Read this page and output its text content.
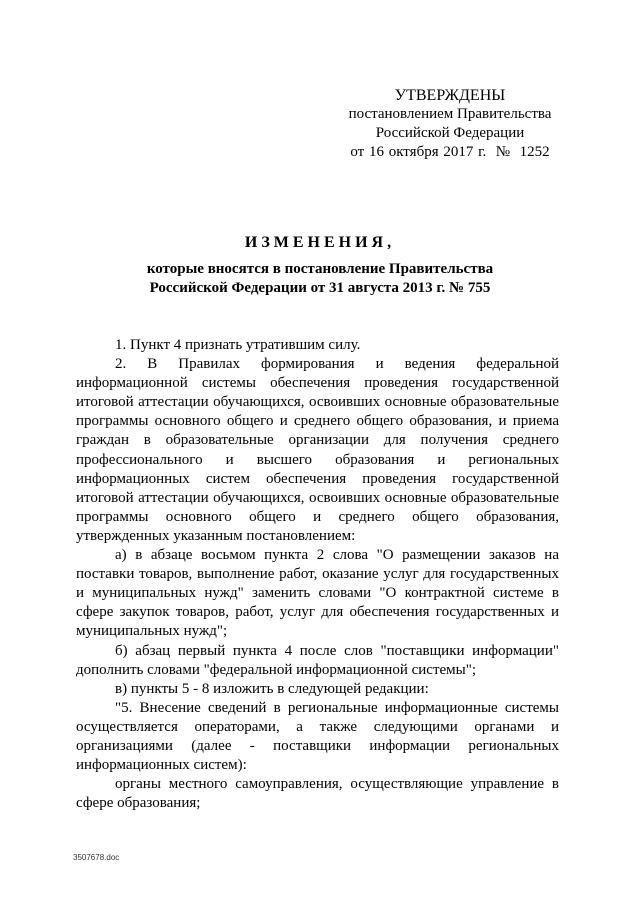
УТВЕРЖДЕНЫ
постановлением Правительства
Российской Федерации
от 16 октября 2017 г.  №  1252
ИЗМЕНЕНИЯ,
которые вносятся в постановление Правительства
Российской Федерации от 31 августа 2013 г. № 755

1. Пункт 4 признать утратившим силу.

2. В Правилах формирования и ведения федеральной информационной системы обеспечения проведения государственной итоговой аттестации обучающихся, освоивших основные образовательные программы основного общего и среднего общего образования, и приема граждан в образовательные организации для получения среднего профессионального и высшего образования и региональных информационных систем обеспечения проведения государственной итоговой аттестации обучающихся, освоивших основные образовательные программы основного общего и среднего общего образования, утвержденных указанным постановлением:

а) в абзаце восьмом пункта 2 слова "О размещении заказов на поставки товаров, выполнение работ, оказание услуг для государственных и муниципальных нужд" заменить словами "О контрактной системе в сфере закупок товаров, работ, услуг для обеспечения государственных и муниципальных нужд";

б) абзац первый пункта 4 после слов "поставщики информации" дополнить словами "федеральной информационной системы";

в) пункты 5 - 8 изложить в следующей редакции:

"5. Внесение сведений в региональные информационные системы осуществляется операторами, а также следующими органами и организациями (далее - поставщики информации региональных информационных систем):

органы местного самоуправления, осуществляющие управление в сфере образования;

3507678.doc
